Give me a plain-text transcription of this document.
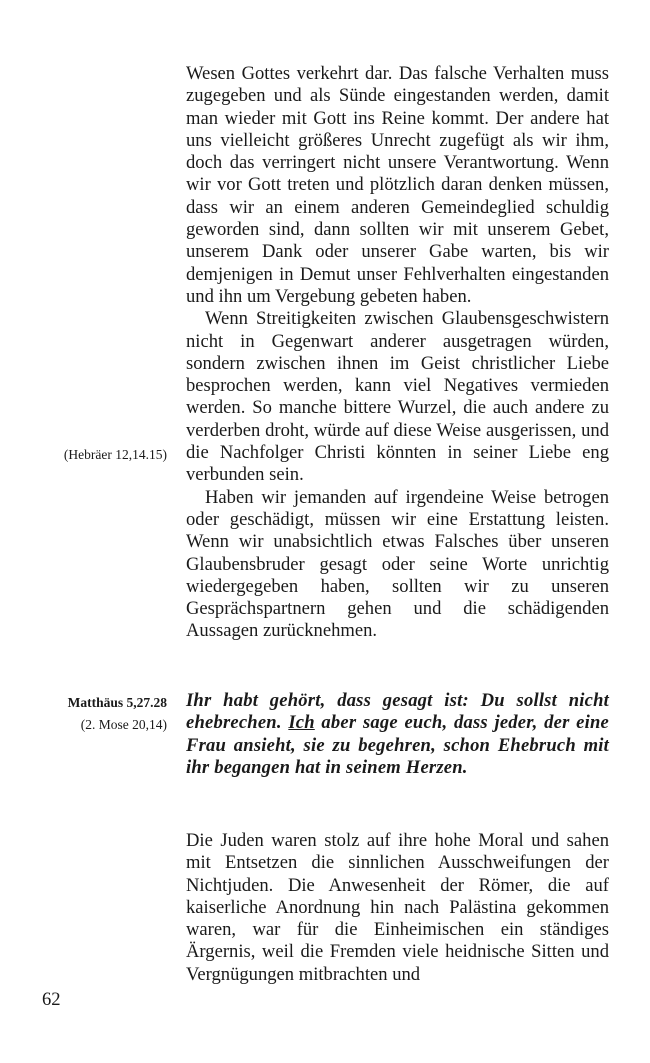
Wesen Gottes verkehrt dar. Das falsche Verhalten muss zugegeben und als Sünde eingestanden werden, damit man wieder mit Gott ins Reine kommt. Der andere hat uns vielleicht größeres Unrecht zugefügt als wir ihm, doch das verringert nicht unsere Verantwortung. Wenn wir vor Gott treten und plötzlich daran denken müssen, dass wir an einem anderen Gemeindeglied schuldig geworden sind, dann sollten wir mit unserem Gebet, unserem Dank oder unserer Gabe warten, bis wir demjenigen in Demut unser Fehlverhalten eingestanden und ihn um Vergebung gebeten haben.

Wenn Streitigkeiten zwischen Glaubensgeschwistern nicht in Gegenwart anderer ausgetragen würden, sondern zwischen ihnen im Geist christlicher Liebe besprochen werden, kann viel Negatives vermieden werden. So manche bittere Wurzel, die auch andere zu verderben droht, würde auf diese Weise ausgerissen, und die Nachfolger Christi könnten in seiner Liebe eng verbunden sein.

Haben wir jemanden auf irgendeine Weise betrogen oder geschädigt, müssen wir eine Erstattung leisten. Wenn wir unabsichtlich etwas Falsches über unseren Glaubensbruder gesagt oder seine Worte unrichtig wiedergegeben haben, sollten wir zu unseren Gesprächspartnern gehen und die schädigenden Aussagen zurücknehmen.

(Hebräer 12,14.15)
Matthäus 5,27.28
(2. Mose 20,14)

Ihr habt gehört, dass gesagt ist: Du sollst nicht ehebrechen. Ich aber sage euch, dass jeder, der eine Frau ansieht, sie zu begehren, schon Ehebruch mit ihr begangen hat in seinem Herzen.

Die Juden waren stolz auf ihre hohe Moral und sahen mit Entsetzen die sinnlichen Ausschweifungen der Nichtjuden. Die Anwesenheit der Römer, die auf kaiserliche Anordnung hin nach Palästina gekommen waren, war für die Einheimischen ein ständiges Ärgernis, weil die Fremden viele heidnische Sitten und Vergnügungen mitbrachten und

62
